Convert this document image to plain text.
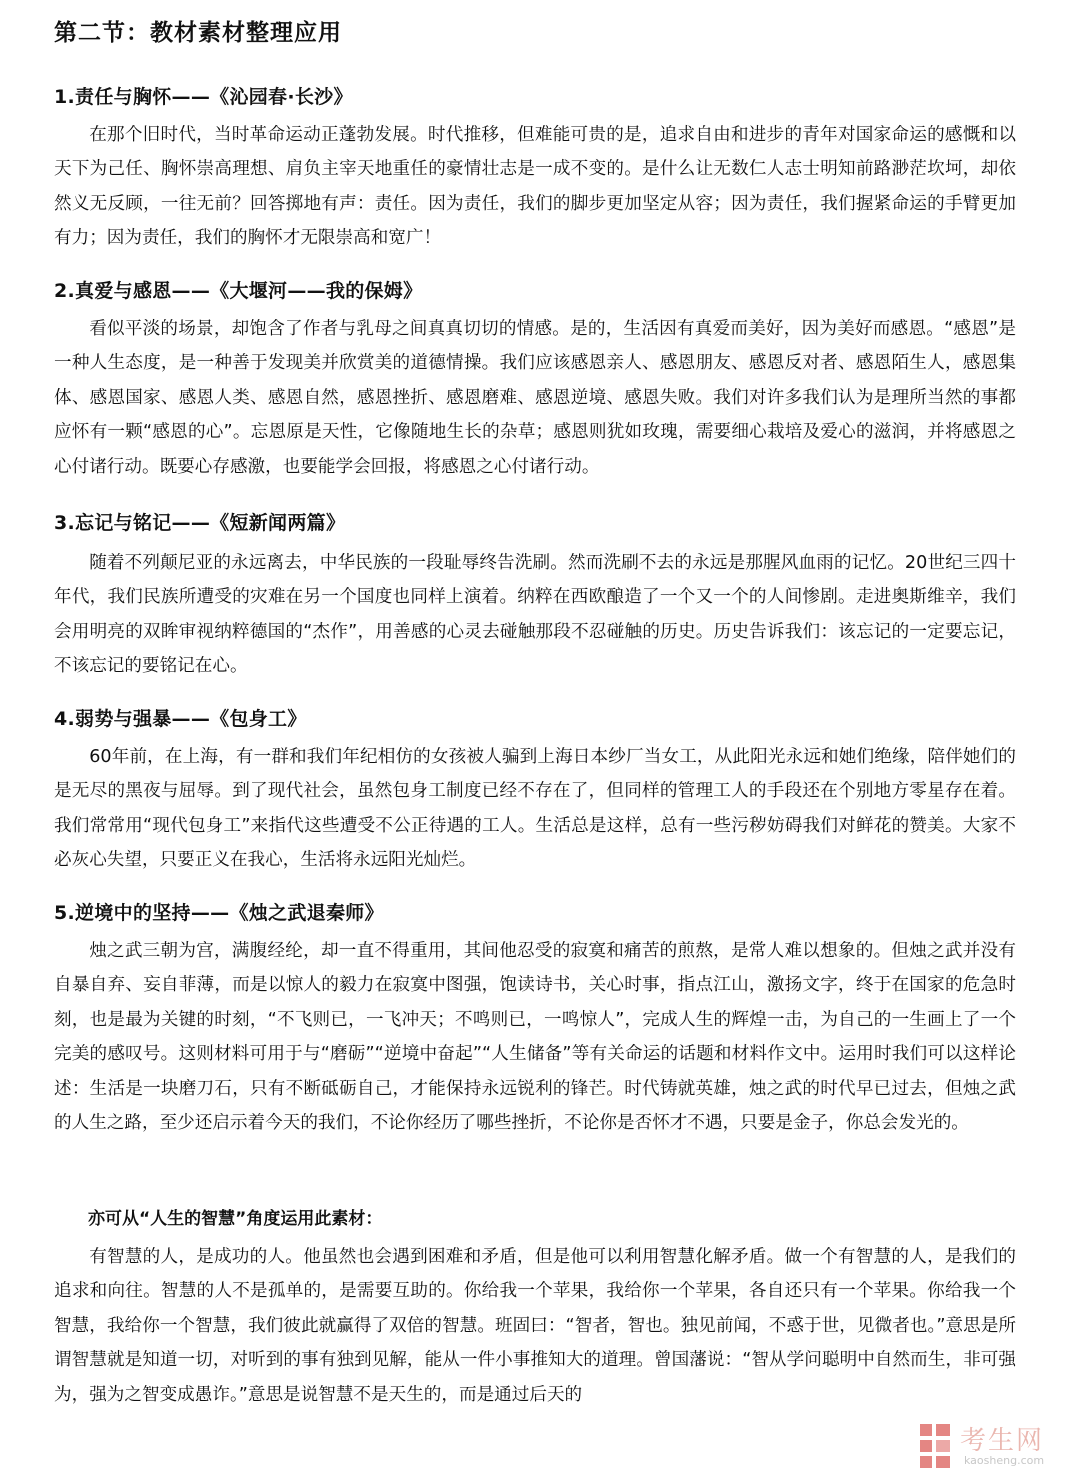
第二节：教材素材整理应用
1.责任与胸怀——《沁园春·长沙》

在那个旧时代，当时革命运动正蓬勃发展。时代推移，但难能可贵的是，追求自由和进步的青年对国家命运的感慨和以天下为己任、胸怀崇高理想、肩负主宰天地重任的豪情壮志是一成不变的。是什么让无数仁人志士明知前路渺茫坎坷，却依然义无反顾，一往无前？回答掷地有声：责任。因为责任，我们的脚步更加坚定从容；因为责任，我们握紧命运的手臂更加有力；因为责任，我们的胸怀才无限崇高和宽广！

2.真爱与感恩——《大堰河——我的保姆》

看似平淡的场景，却饱含了作者与乳母之间真真切切的情感。是的，生活因有真爱而美好，因为美好而感恩。“感恩”是一种人生态度，是一种善于发现美并欣赏美的道德情操。我们应该感恩亲人、感恩朋友、感恩反对者、感恩陌生人，感恩集体、感恩国家、感恩人类、感恩自然，感恩挫折、感恩磨难、感恩逆境、感恩失败。我们对许多我们认为是理所当然的事都应怀有一颗“感恩的心”。忘恩原是天性，它像随地生长的杂草；感恩则犹如玫瑰，需要细心栽培及爱心的滋润，并将感恩之心付诸行动。既要心存感激，也要能学会回报，将感恩之心付诸行动。

3.忘记与铭记——《短新闻两篇》

随着不列颠尼亚的永远离去，中华民族的一段耻辱终告洗刷。然而洗刷不去的永远是那腥风血雨的记忆。20世纪三四十年代，我们民族所遭受的灾难在另一个国度也同样上演着。纳粹在西欧酿造了一个又一个的人间惨剧。走进奥斯维辛，我们会用明亮的双眸审视纳粹德国的“杰作”，用善感的心灵去碰触那段不忍碰触的历史。历史告诉我们：该忘记的一定要忘记，不该忘记的要铭记在心。

4.弱势与强暴——《包身工》

60年前，在上海，有一群和我们年纪相仿的女孩被人骗到上海日本纱厂当女工，从此阳光永远和她们绝缘，陪伴她们的是无尽的黑夜与屈辱。到了现代社会，虽然包身工制度已经不存在了，但同样的管理工人的手段还在个别地方零星存在着。我们常常用“现代包身工”来指代这些遭受不公正待遇的工人。生活总是这样，总有一些污秽妨碍我们对鲜花的赞美。大家不必灰心失望，只要正义在我心，生活将永远阳光灿烂。

5.逆境中的坚持——《烛之武退秦师》

烛之武三朝为宫，满腹经纶，却一直不得重用，其间他忍受的寂寞和痛苦的煎熬，是常人难以想象的。但烛之武并没有自暴自弃、妄自菲薄，而是以惊人的毅力在寂寞中图强，饱读诗书，关心时事，指点江山，激扬文字，终于在国家的危急时刻，也是最为关键的时刻，“不飞则已，一飞冲天；不鸣则已，一鸣惊人”，完成人生的辉煌一击，为自己的一生画上了一个完美的感叹号。这则材料可用于与“磨砺”“逆境中奋起”“人生储备”等有关命运的话题和材料作文中。运用时我们可以这样论述：生活是一块磨刀石，只有不断砥砺自己，才能保持永远锐利的锋芒。时代铸就英雄，烛之武的时代早已过去，但烛之武的人生之路，至少还启示着今天的我们，不论你经历了哪些挫折，不论你是否怀才不遇，只要是金子，你总会发光的。

亦可从“人生的智慧”角度运用此素材：

有智慧的人，是成功的人。他虽然也会遇到困难和矛盾，但是他可以利用智慧化解矛盾。做一个有智慧的人，是我们的追求和向往。智慧的人不是孤单的，是需要互助的。你给我一个苹果，我给你一个苹果，各自还只有一个苹果。你给我一个智慧，我给你一个智慧，我们彼此就赢得了双倍的智慧。班固曰：“智者，智也。独见前闻，不惑于世，见微者也。”意思是所谓智慧就是知道一切，对听到的事有独到见解，能从一件小事推知大的道理。曾国藩说：“智从学问聪明中自然而生，非可强为，强为之智变成愚诈。”意思是说智慧不是天生的，而是通过后天的

考生网
kaosheng.com
